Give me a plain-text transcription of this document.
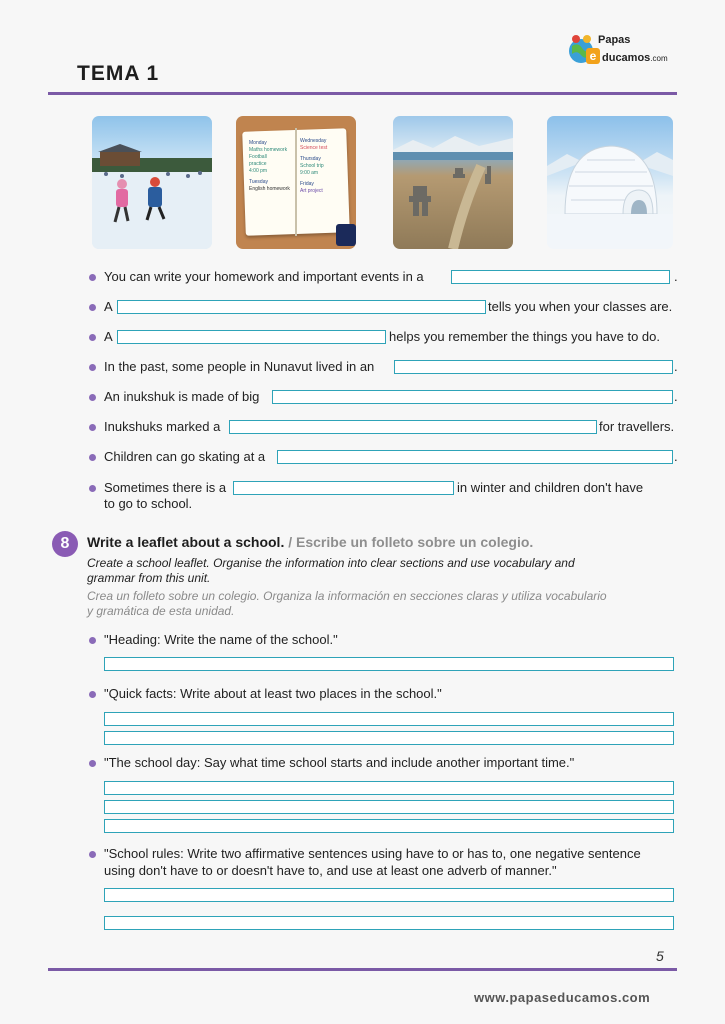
TEMA 1
Papas
e ducamos.com
Monday
Maths homework
Football
practice
4:00 pm
Tuesday
English homework
Wednesday
Science test
Thursday
School trip
9:00 am
Friday
Art project
You can write your homework and important events in a	.
A	tells you when your classes are.
A	helps you remember the things you have to do.
In the past, some people in Nunavut lived in an	.
An inukshuk is made of big	.
Inukshuks marked a	for travellers.
Children can go skating at a	.
Sometimes there is a	in winter and children don't have
to go to school.
8	Write a leaflet about a school. / Escribe un folleto sobre un colegio.
Create a school leaflet. Organise the information into clear sections and use vocabulary and
grammar from this unit.
Crea un folleto sobre un colegio. Organiza la información en secciones claras y utiliza vocabulario
y gramática de esta unidad.
"Heading: Write the name of the school."
"Quick facts: Write about at least two places in the school."
"The school day: Say what time school starts and include another important time."
"School rules: Write two affirmative sentences using have to or has to, one negative sentence
using don't have to or doesn't have to, and use at least one adverb of manner."
5
www.papaseducamos.com
